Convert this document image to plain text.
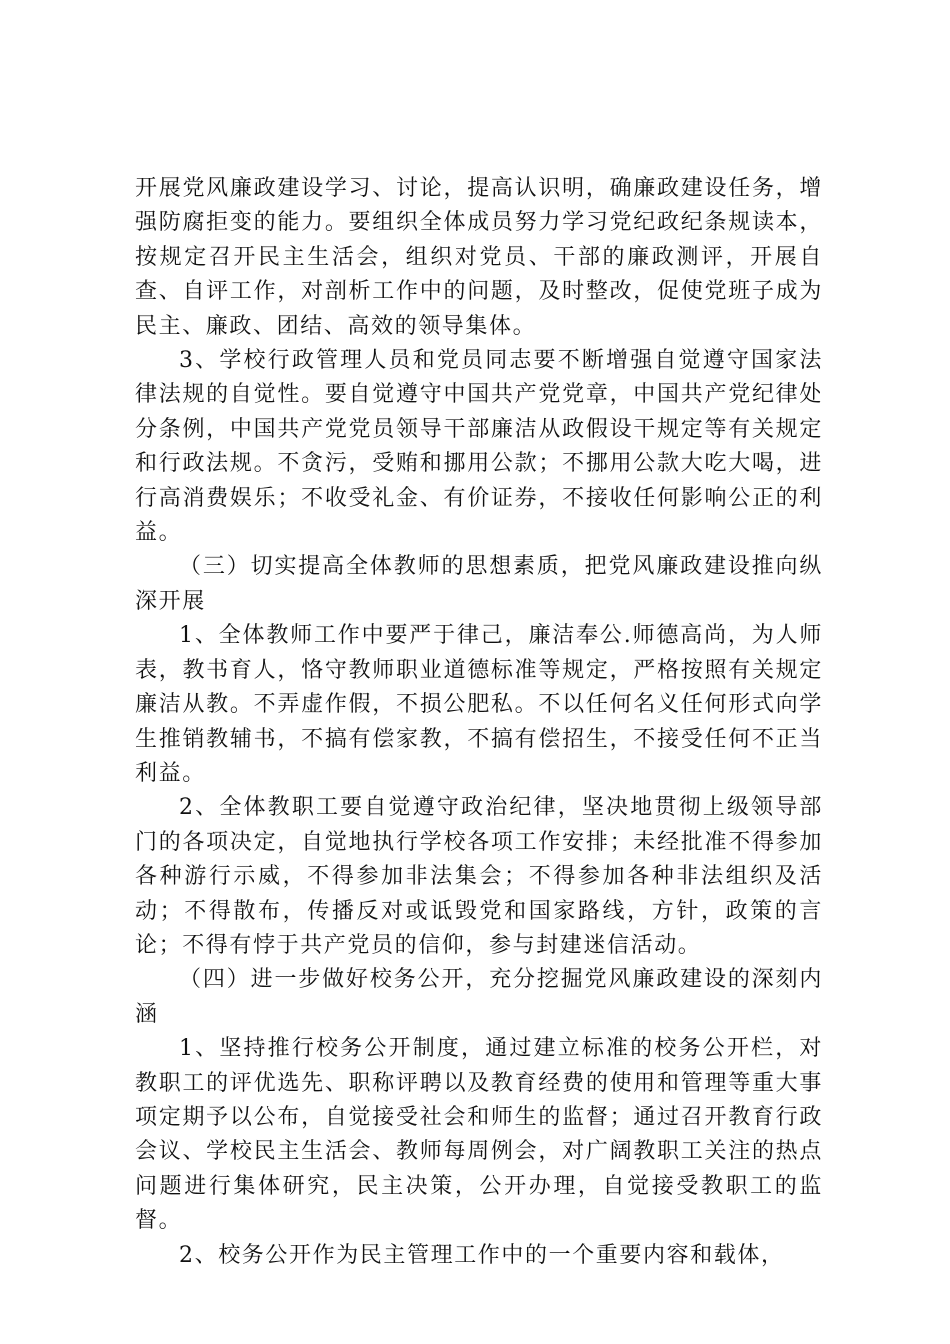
开展党风廉政建设学习、讨论，提高认识明，确廉政建设任务，增强防腐拒变的能力。要组织全体成员努力学习党纪政纪条规读本，按规定召开民主生活会，组织对党员、干部的廉政测评，开展自查、自评工作，对剖析工作中的问题，及时整改，促使党班子成为民主、廉政、团结、高效的领导集体。

3、学校行政管理人员和党员同志要不断增强自觉遵守国家法律法规的自觉性。要自觉遵守中国共产党党章，中国共产党纪律处分条例，中国共产党党员领导干部廉洁从政假设干规定等有关规定和行政法规。不贪污，受贿和挪用公款；不挪用公款大吃大喝，进行高消费娱乐；不收受礼金、有价证券，不接收任何影响公正的利益。

（三）切实提高全体教师的思想素质，把党风廉政建设推向纵深开展

1、全体教师工作中要严于律己，廉洁奉公.师德高尚，为人师表，教书育人，恪守教师职业道德标准等规定，严格按照有关规定廉洁从教。不弄虚作假，不损公肥私。不以任何名义任何形式向学生推销教辅书，不搞有偿家教，不搞有偿招生，不接受任何不正当利益。

2、全体教职工要自觉遵守政治纪律，坚决地贯彻上级领导部门的各项决定，自觉地执行学校各项工作安排；未经批准不得参加各种游行示威，不得参加非法集会；不得参加各种非法组织及活动；不得散布，传播反对或诋毁党和国家路线，方针，政策的言论；不得有悖于共产党员的信仰，参与封建迷信活动。

（四）进一步做好校务公开，充分挖掘党风廉政建设的深刻内涵

1、坚持推行校务公开制度，通过建立标准的校务公开栏，对教职工的评优选先、职称评聘以及教育经费的使用和管理等重大事项定期予以公布，自觉接受社会和师生的监督；通过召开教育行政会议、学校民主生活会、教师每周例会，对广阔教职工关注的热点问题进行集体研究，民主决策，公开办理，自觉接受教职工的监督。

2、校务公开作为民主管理工作中的一个重要内容和载体，
